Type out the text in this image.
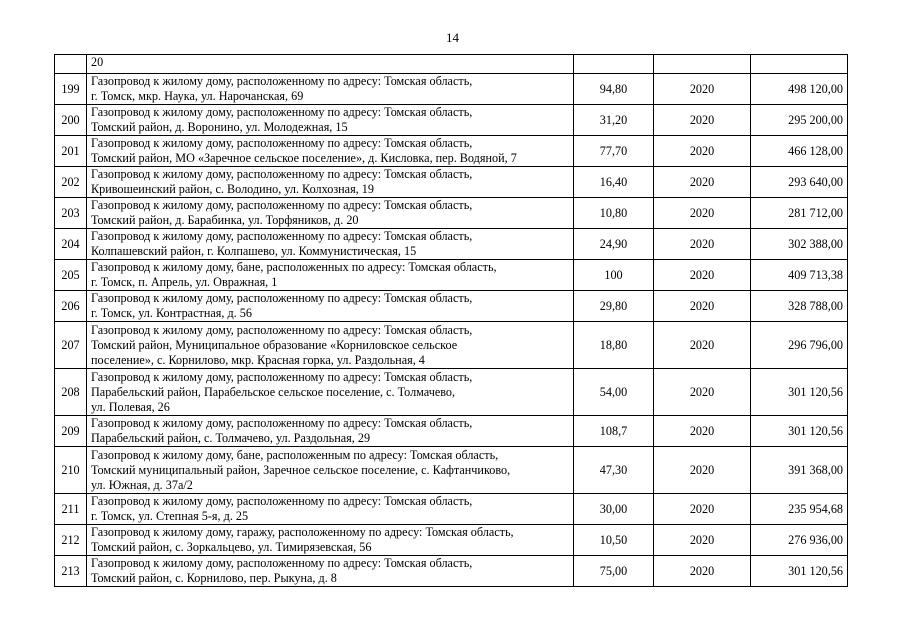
14
	20			
199	Газопровод к жилому дому, расположенному по адресу: Томская область,
г. Томск, мкр. Наука, ул. Нарочанская, 69	94,80	2020	498 120,00
200	Газопровод к жилому дому, расположенному по адресу: Томская область,
Томский район, д. Воронино, ул. Молодежная, 15	31,20	2020	295 200,00
201	Газопровод к жилому дому, расположенному по адресу: Томская область,
Томский район, МО «Заречное сельское поселение», д. Кисловка, пер. Водяной, 7	77,70	2020	466 128,00
202	Газопровод к жилому дому, расположенному по адресу: Томская область,
Кривошеинский район, с. Володино, ул. Колхозная, 19	16,40	2020	293 640,00
203	Газопровод к жилому дому, расположенному по адресу: Томская область,
Томский район, д. Барабинка, ул. Торфяников, д. 20	10,80	2020	281 712,00
204	Газопровод к жилому дому, расположенному по адресу: Томская область,
Колпашевский район, г. Колпашево, ул. Коммунистическая, 15	24,90	2020	302 388,00
205	Газопровод к жилому дому, бане, расположенных по адресу: Томская область,
г. Томск, п. Апрель, ул. Овражная, 1	100	2020	409 713,38
206	Газопровод к жилому дому, расположенному по адресу: Томская область,
г. Томск, ул. Контрастная, д. 56	29,80	2020	328 788,00
207	Газопровод к жилому дому, расположенному по адресу: Томская область,
Томский район, Муниципальное образование «Корниловское сельское
поселение», с. Корнилово, мкр. Красная горка, ул. Раздольная, 4	18,80	2020	296 796,00
208	Газопровод к жилому дому, расположенному по адресу: Томская область,
Парабельский район, Парабельское сельское поселение, с. Толмачево,
ул. Полевая, 26	54,00	2020	301 120,56
209	Газопровод к жилому дому, расположенному по адресу: Томская область,
Парабельский район, с. Толмачево, ул. Раздольная, 29	108,7	2020	301 120,56
210	Газопровод к жилому дому, бане, расположенным по адресу: Томская область,
Томский муниципальный район, Заречное сельское поселение, с. Кафтанчиково,
ул. Южная, д. 37а/2	47,30	2020	391 368,00
211	Газопровод к жилому дому, расположенному по адресу: Томская область,
г. Томск, ул. Степная 5-я, д. 25	30,00	2020	235 954,68
212	Газопровод к жилому дому, гаражу, расположенному по адресу: Томская область,
Томский район, с. Зоркальцево, ул. Тимирязевская, 56	10,50	2020	276 936,00
213	Газопровод к жилому дому, расположенному по адресу: Томская область,
Томский район, с. Корнилово, пер. Рыкуна, д. 8	75,00	2020	301 120,56
